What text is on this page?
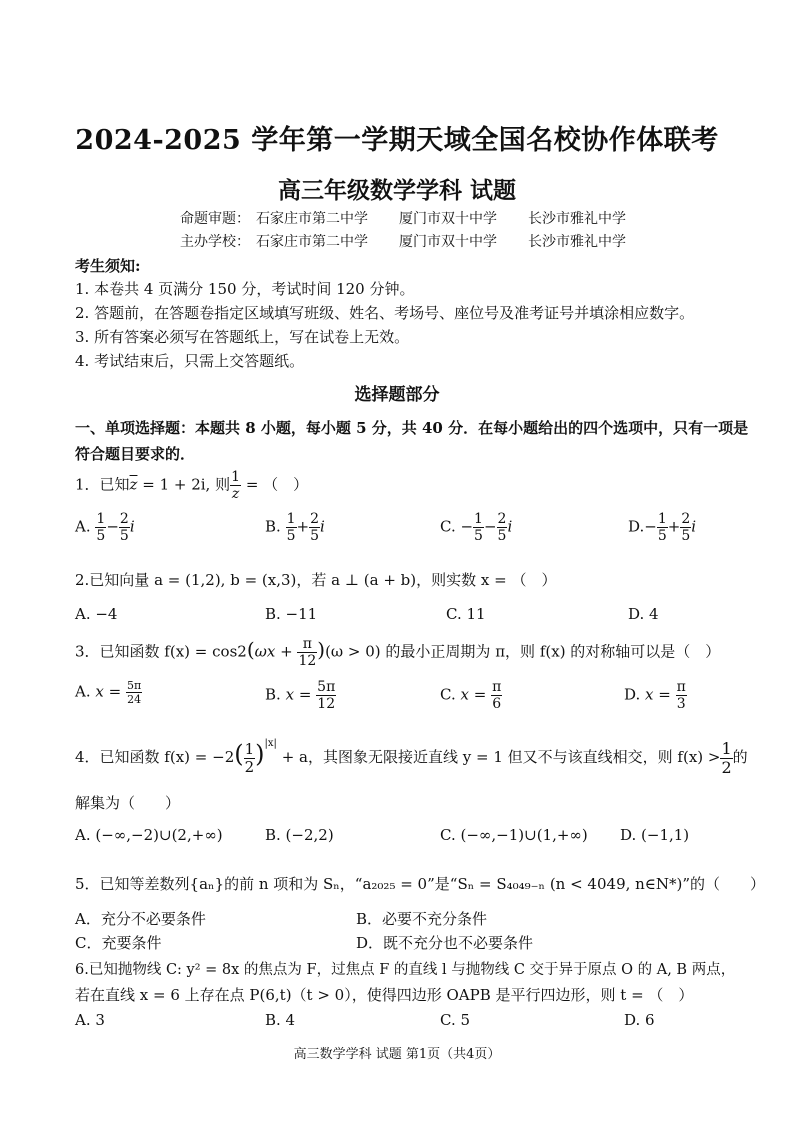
2024-2025 学年第一学期天域全国名校协作体联考
高三年级数学学科 试题
命题审题： 石家庄市第二中学 厦门市双十中学 长沙市雅礼中学
主办学校： 石家庄市第二中学 厦门市双十中学 长沙市雅礼中学
考生须知:
1. 本卷共 4 页满分 150 分，考试时间 120 分钟。
2. 答题前，在答题卷指定区域填写班级、姓名、考场号、座位号及准考证号并填涂相应数字。
3. 所有答案必须写在答题纸上，写在试卷上无效。
4. 考试结束后，只需上交答题纸。
选择题部分
一、单项选择题：本题共 8 小题，每小题 5 分，共 40 分．在每小题给出的四个选项中，只有一项是
符合题目要求的．
1．已知$\overline{z} = 1 + 2i$, 则 $\frac{1}{z}$ = （　）
A. $\frac{1}{5} - \frac{2}{5}$ i	B. $\frac{1}{5} + \frac{2}{5}$ i	C. − $\frac{1}{5} - \frac{2}{5}$ i	$D.- \frac{1}{5} + \frac{2}{5}$ i
2.已知向量 a = (1,2), b = (x,3)，若 a ⊥ (a + b)，则实数 x = （　）
A. −4	B. −11	C. 11	D. 4
3．已知函数 $f(x) = \cos 2(\omega x + \frac{\pi}{12} )(\omega > 0)$ 的最小正周期为 π，则 f(x) 的对称轴可以是（　）
A. $x = \frac{5\pi}{24}$	B. $x = \frac{5\pi}{12}$	C. $x = \frac{\pi}{6}$	D. $x = \frac{\pi}{3}$
4．已知函数 $f(x) = -2( \frac{1}{2} )^{|x|} + a$，其图象无限接近直线 y = 1 但又不与该直线相交，则 $f(x) > \frac{1}{2}$ 的
解集为（　　）
A. (−∞,−2)∪(2,+∞)	B. (−2,2)	C. (−∞,−1)∪(1,+∞) D. (−1,1)
5．已知等差数列{aₙ}的前 n 项和为 Sₙ，“a₂₀₂₅ = 0”是“Sₙ = S₄₀₄₉₋ₙ (n < 4049, n∈N*)”的（　　）
A．充分不必要条件	B．必要不充分条件
C．充要条件	D．既不充分也不必要条件
6.已知抛物线 C: y² = 8x 的焦点为 F，过焦点 F 的直线 l 与抛物线 C 交于异于原点 O 的 A, B 两点，
若在直线 x = 6 上存在点 P(6,t)（t > 0），使得四边形 OAPB 是平行四边形，则 t = （　）
A. 3	B. 4	C. 5	D. 6
高三数学学科 试题 第1页（共4页）
